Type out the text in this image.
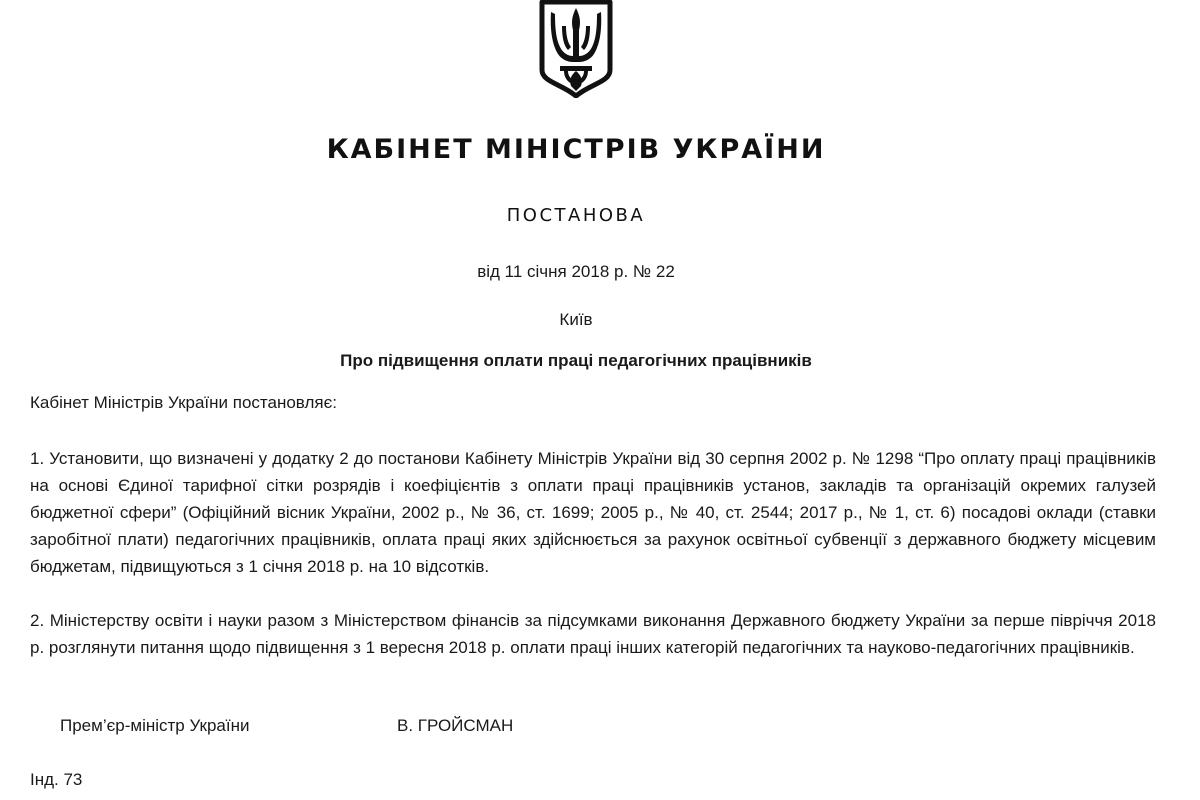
КАБІНЕТ МІНІСТРІВ УКРАЇНИ
ПОСТАНОВА
від 11 січня 2018 р. № 22
Київ
Про підвищення оплати праці педагогічних працівників
Кабінет Міністрів України постановляє:
1. Установити, що визначені у додатку 2 до постанови Кабінету Міністрів України від 30 серпня 2002 р. № 1298 “Про оплату праці працівників на основі Єдиної тарифної сітки розрядів і коефіцієнтів з оплати праці працівників установ, закладів та організацій окремих галузей бюджетної сфери” (Офіційний вісник України, 2002 р., № 36, ст. 1699; 2005 р., № 40, ст. 2544; 2017 р., № 1, ст. 6) посадові оклади (ставки заробітної плати) педагогічних працівників, оплата праці яких здійснюється за рахунок освітньої субвенції з державного бюджету місцевим бюджетам, підвищуються з 1 січня 2018 р. на 10 відсотків.
2. Міністерству освіти і науки разом з Міністерством фінансів за підсумками виконання Державного бюджету України за перше півріччя 2018 р. розглянути питання щодо підвищення з 1 вересня 2018 р. оплати праці інших категорій педагогічних та науково-педагогічних працівників.
Прем’єр-міністр України	В. ГРОЙСМАН
Інд. 73
